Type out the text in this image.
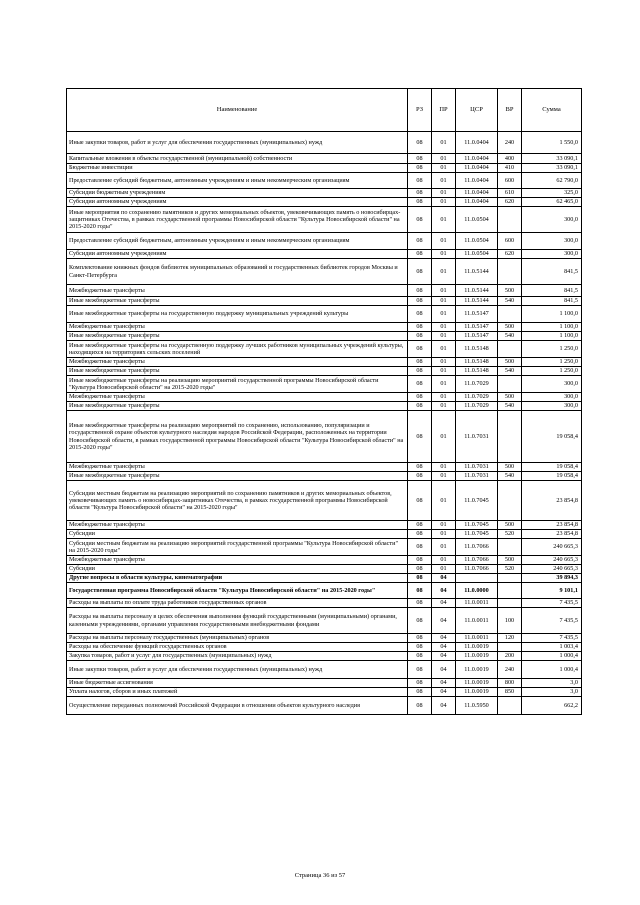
Наименование	РЗ	ПР	ЦСР	ВР	Сумма
Иные закупки товаров, работ и услуг для обеспечения государственных (муниципальных) нужд	08	01	11.0.0404	240	1 550,0
Капитальные вложения в объекты государственной (муниципальной) собственности	08	01	11.0.0404	400	33 090,1
Бюджетные инвестиции	08	01	11.0.0404	410	33 090,1
Предоставление субсидий бюджетным, автономным учреждениям и иным некоммерческим организациям	08	01	11.0.0404	600	62 790,0
Субсидии бюджетным учреждениям	08	01	11.0.0404	610	325,0
Субсидии автономным учреждениям	08	01	11.0.0404	620	62 465,0
Иные мероприятия по сохранению памятников и других мемориальных объектов, увековечивающих память о новосибирцах-защитниках Отечества, в рамках государственной программы Новосибирской области "Культура Новосибирской области" на 2015-2020 годы"	08	01	11.0.0504		300,0
Предоставление субсидий бюджетным, автономным учреждениям и иным некоммерческим организациям	08	01	11.0.0504	600	300,0
Субсидии автономным учреждениям	08	01	11.0.0504	620	300,0
Комплектование книжных фондов библиотек муниципальных образований и государственных библиотек городов Москвы и Санкт-Петербурга	08	01	11.0.5144		841,5
Межбюджетные трансферты	08	01	11.0.5144	500	841,5
Иные межбюджетные трансферты	08	01	11.0.5144	540	841,5
Иные межбюджетные трансферты на государственную поддержку муниципальных учреждений культуры	08	01	11.0.5147		1 100,0
Межбюджетные трансферты	08	01	11.0.5147	500	1 100,0
Иные межбюджетные трансферты	08	01	11.0.5147	540	1 100,0
Иные межбюджетные трансферты на государственную поддержку лучших работников муниципальных учреждений культуры, находящихся на территориях сельских поселений	08	01	11.0.5148		1 250,0
Межбюджетные трансферты	08	01	11.0.5148	500	1 250,0
Иные межбюджетные трансферты	08	01	11.0.5148	540	1 250,0
Иные межбюджетные трансферты на реализацию мероприятий государственной программы Новосибирской области "Культура Новосибирской области" на 2015-2020 годы"	08	01	11.0.7029		300,0
Межбюджетные трансферты	08	01	11.0.7029	500	300,0
Иные межбюджетные трансферты	08	01	11.0.7029	540	300,0
Иные межбюджетные трансферты на реализацию мероприятий по сохранению, использованию, популяризации и государственной охране объектов культурного наследия народов Российской Федерации, расположенных на территории Новосибирской области, в рамках государственной программы Новосибирской области "Культура Новосибирской области" на 2015-2020 годы"	08	01	11.0.7031		19 058,4
Межбюджетные трансферты	08	01	11.0.7031	500	19 058,4
Иные межбюджетные трансферты	08	01	11.0.7031	540	19 058,4
Субсидии местным бюджетам на реализацию мероприятий по сохранению памятников и других мемориальных объектов, увековечивающих память о новосибирцах-защитниках Отечества, в рамках государственной программы Новосибирской области "Культура Новосибирской области" на 2015-2020 годы"	08	01	11.0.7045		23 854,8
Межбюджетные трансферты	08	01	11.0.7045	500	23 854,8
Субсидии	08	01	11.0.7045	520	23 854,8
Субсидии местным бюджетам на реализацию мероприятий государственной программы "Культура Новосибирской области" на 2015-2020 годы"	08	01	11.0.7066		240 665,3
Межбюджетные трансферты	08	01	11.0.7066	500	240 665,3
Субсидии	08	01	11.0.7066	520	240 665,3
Другие вопросы в области культуры, кинематографии	08	04			39 894,3
Государственная программа Новосибирской области "Культура Новосибирской области" на 2015-2020 годы"	08	04	11.0.0000		9 101,1
Расходы на выплаты по оплате труда работников государственных органов	08	04	11.0.0011		7 435,5
Расходы на выплаты персоналу в целях обеспечения выполнения функций государственными (муниципальными) органами, казенными учреждениями, органами управления государственными внебюджетными фондами	08	04	11.0.0011	100	7 435,5
Расходы на выплаты персоналу государственных (муниципальных) органов	08	04	11.0.0011	120	7 435,5
Расходы на обеспечение функций государственных органов	08	04	11.0.0019		1 003,4
Закупка товаров, работ и услуг для государственных (муниципальных) нужд	08	04	11.0.0019	200	1 000,4
Иные закупки товаров, работ и услуг для обеспечения государственных (муниципальных) нужд	08	04	11.0.0019	240	1 000,4
Иные бюджетные ассигнования	08	04	11.0.0019	800	3,0
Уплата налогов, сборов и иных платежей	08	04	11.0.0019	850	3,0
Осуществление переданных полномочий Российской Федерации в отношении объектов культурного наследия	08	04	11.0.5950		662,2
Страница 36 из 57
